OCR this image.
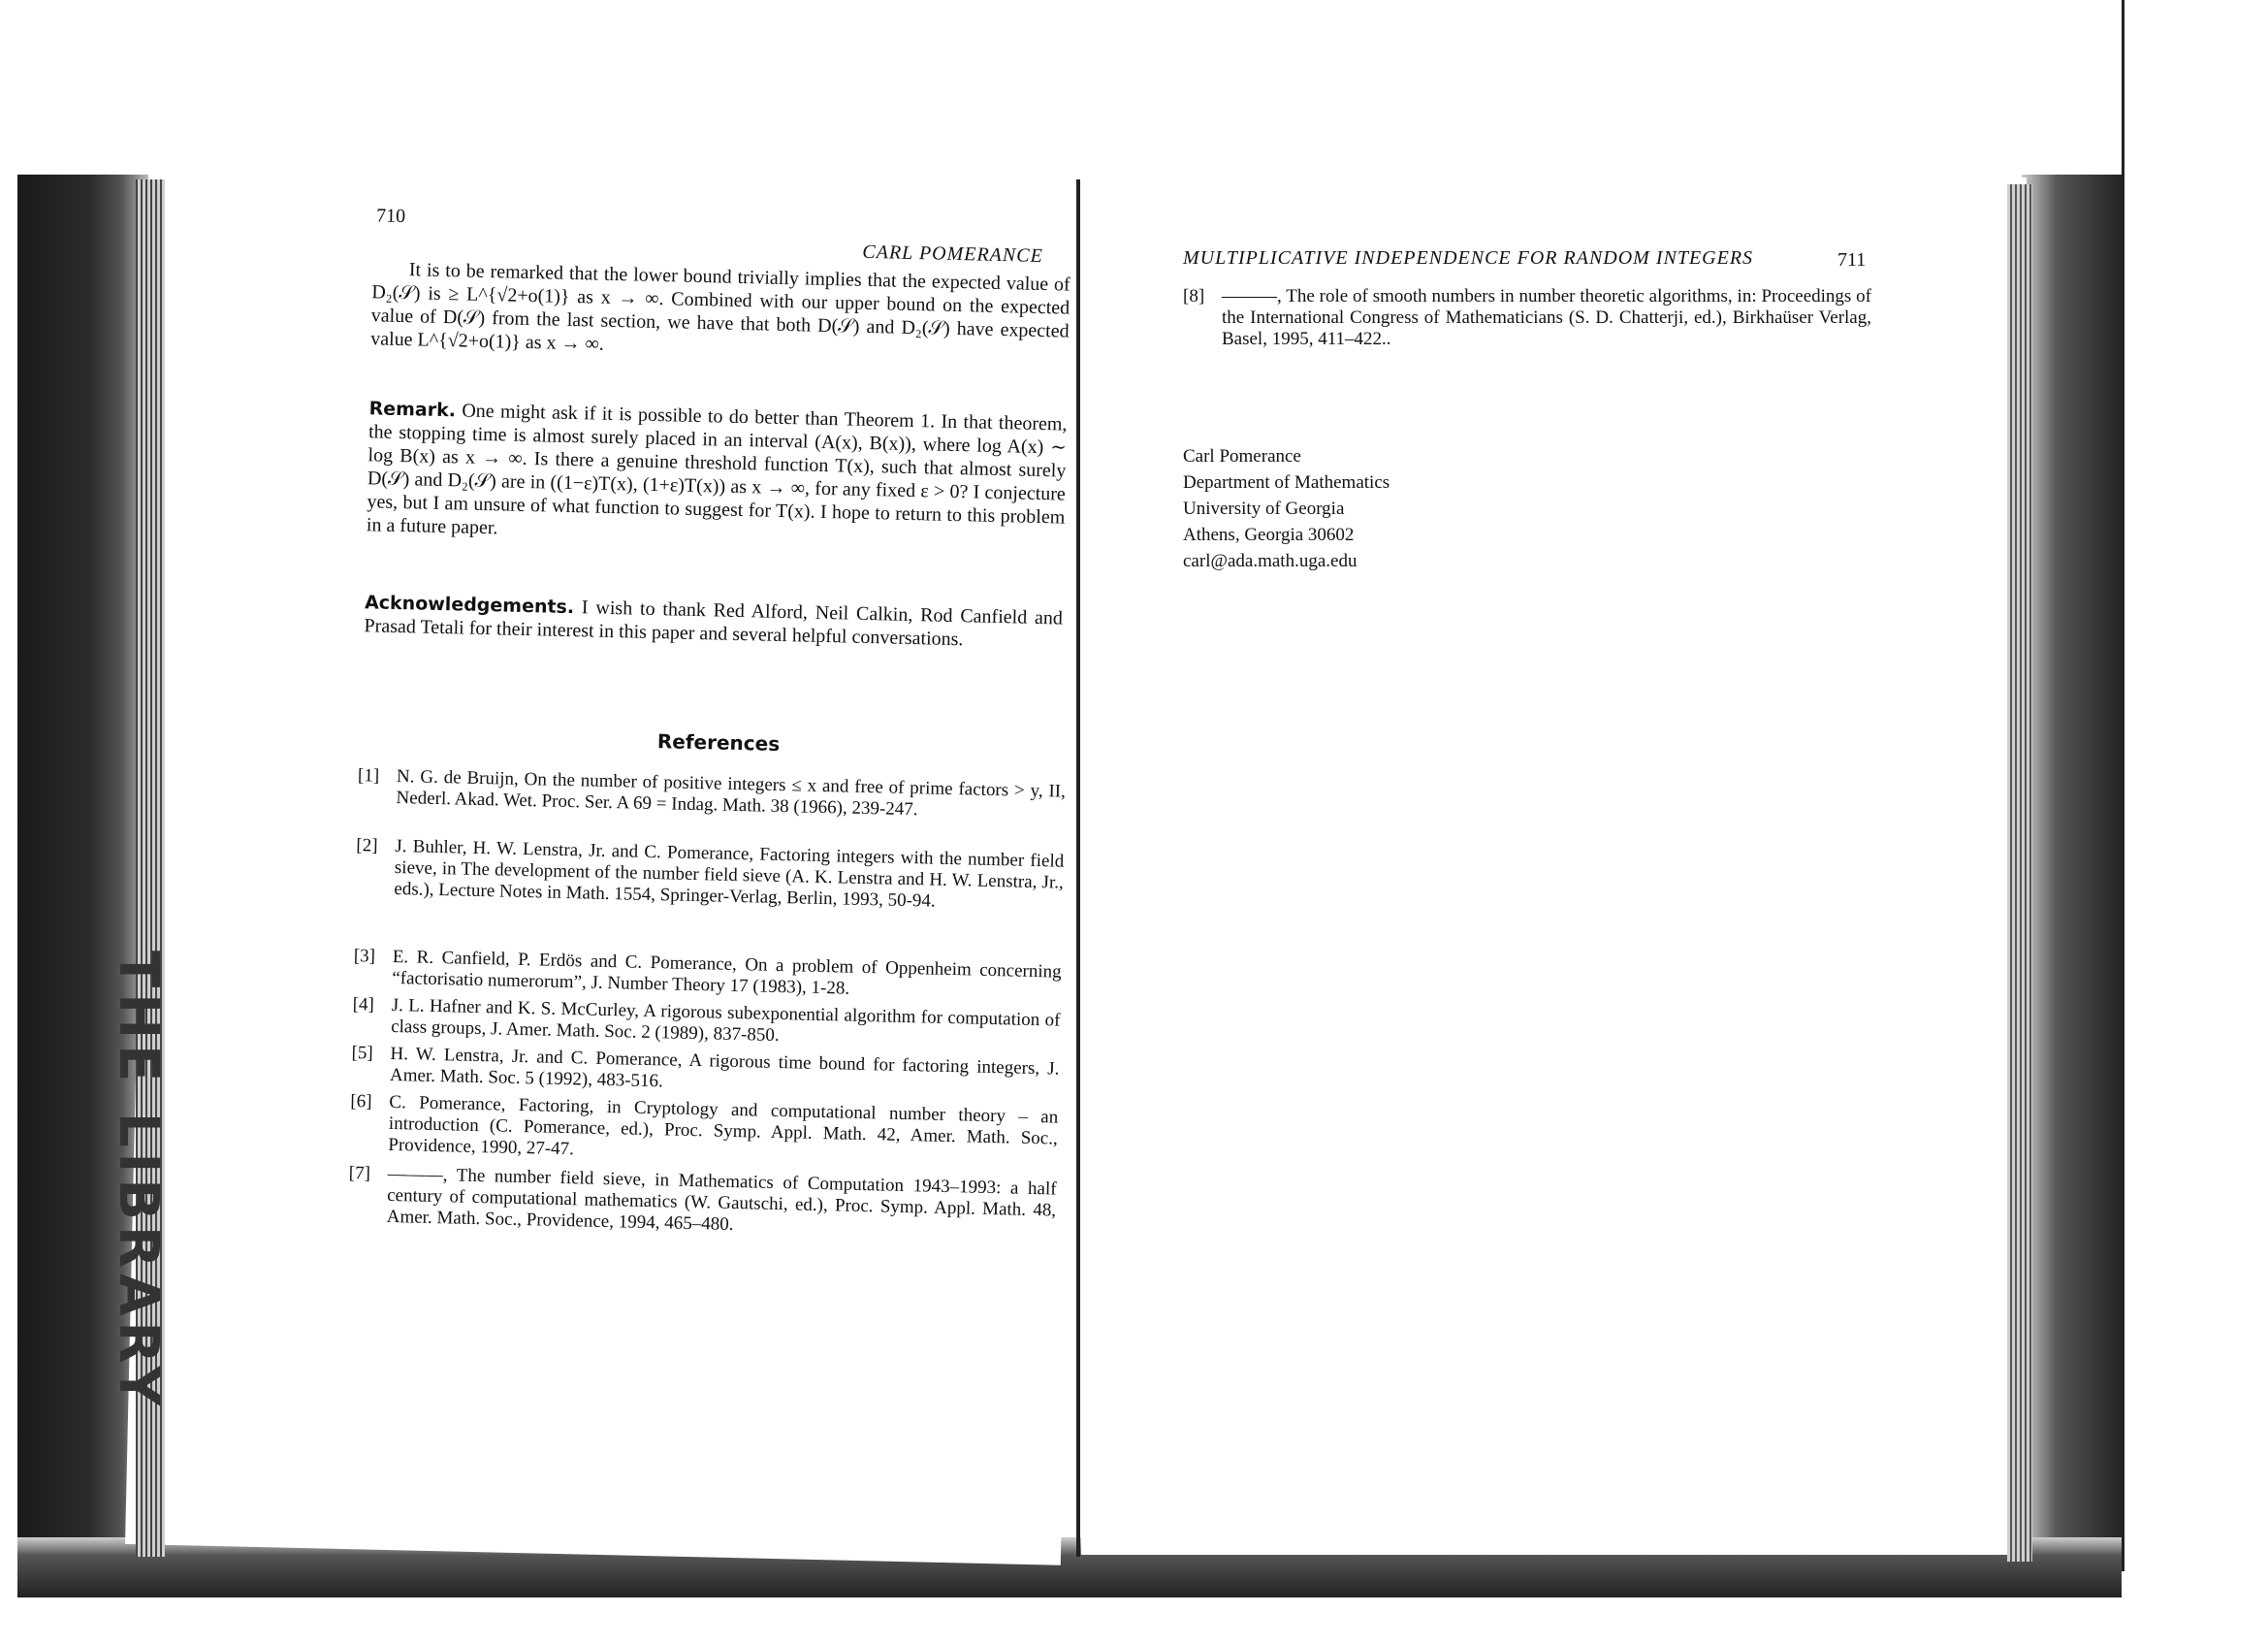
710
CARL POMERANCE
It is to be remarked that the lower bound trivially implies that the expected value of D₂(𝒮) is ≥ L^{√2+o(1)} as x → ∞. Combined with our upper bound on the expected value of D(𝒮) from the last section, we have that both D(𝒮) and D₂(𝒮) have expected value L^{√2+o(1)} as x → ∞.
Remark. One might ask if it is possible to do better than Theorem 1. In that theorem, the stopping time is almost surely placed in an interval (A(x), B(x)), where log A(x) ∼ log B(x) as x → ∞. Is there a genuine threshold function T(x), such that almost surely D(𝒮) and D₂(𝒮) are in ((1−ε)T(x), (1+ε)T(x)) as x → ∞, for any fixed ε > 0? I conjecture yes, but I am unsure of what function to suggest for T(x). I hope to return to this problem in a future paper.
Acknowledgements. I wish to thank Red Alford, Neil Calkin, Rod Canfield and Prasad Tetali for their interest in this paper and several helpful conversations.
References
[1] N. G. de Bruijn, On the number of positive integers ≤ x and free of prime factors > y, II, Nederl. Akad. Wet. Proc. Ser. A 69 = Indag. Math. 38 (1966), 239-247.
[2] J. Buhler, H. W. Lenstra, Jr. and C. Pomerance, Factoring integers with the number field sieve, in The development of the number field sieve (A. K. Lenstra and H. W. Lenstra, Jr., eds.), Lecture Notes in Math. 1554, Springer-Verlag, Berlin, 1993, 50-94.
[3] E. R. Canfield, P. Erdös and C. Pomerance, On a problem of Oppenheim concerning “factorisatio numerorum”, J. Number Theory 17 (1983), 1-28.
[4] J. L. Hafner and K. S. McCurley, A rigorous subexponential algorithm for computation of class groups, J. Amer. Math. Soc. 2 (1989), 837-850.
[5] H. W. Lenstra, Jr. and C. Pomerance, A rigorous time bound for factoring integers, J. Amer. Math. Soc. 5 (1992), 483-516.
[6] C. Pomerance, Factoring, in Cryptology and computational number theory – an introduction (C. Pomerance, ed.), Proc. Symp. Appl. Math. 42, Amer. Math. Soc., Providence, 1990, 27-47.
[7] ———, The number field sieve, in Mathematics of Computation 1943–1993: a half century of computational mathematics (W. Gautschi, ed.), Proc. Symp. Appl. Math. 48, Amer. Math. Soc., Providence, 1994, 465–480.
THE LIBRARY
MULTIPLICATIVE INDEPENDENCE FOR RANDOM INTEGERS	711
[8] ———, The role of smooth numbers in number theoretic algorithms, in: Proceedings of the International Congress of Mathematicians (S. D. Chatterji, ed.), Birkhaüser Verlag, Basel, 1995, 411–422..
Carl Pomerance
Department of Mathematics
University of Georgia
Athens, Georgia 30602
carl@ada.math.uga.edu
